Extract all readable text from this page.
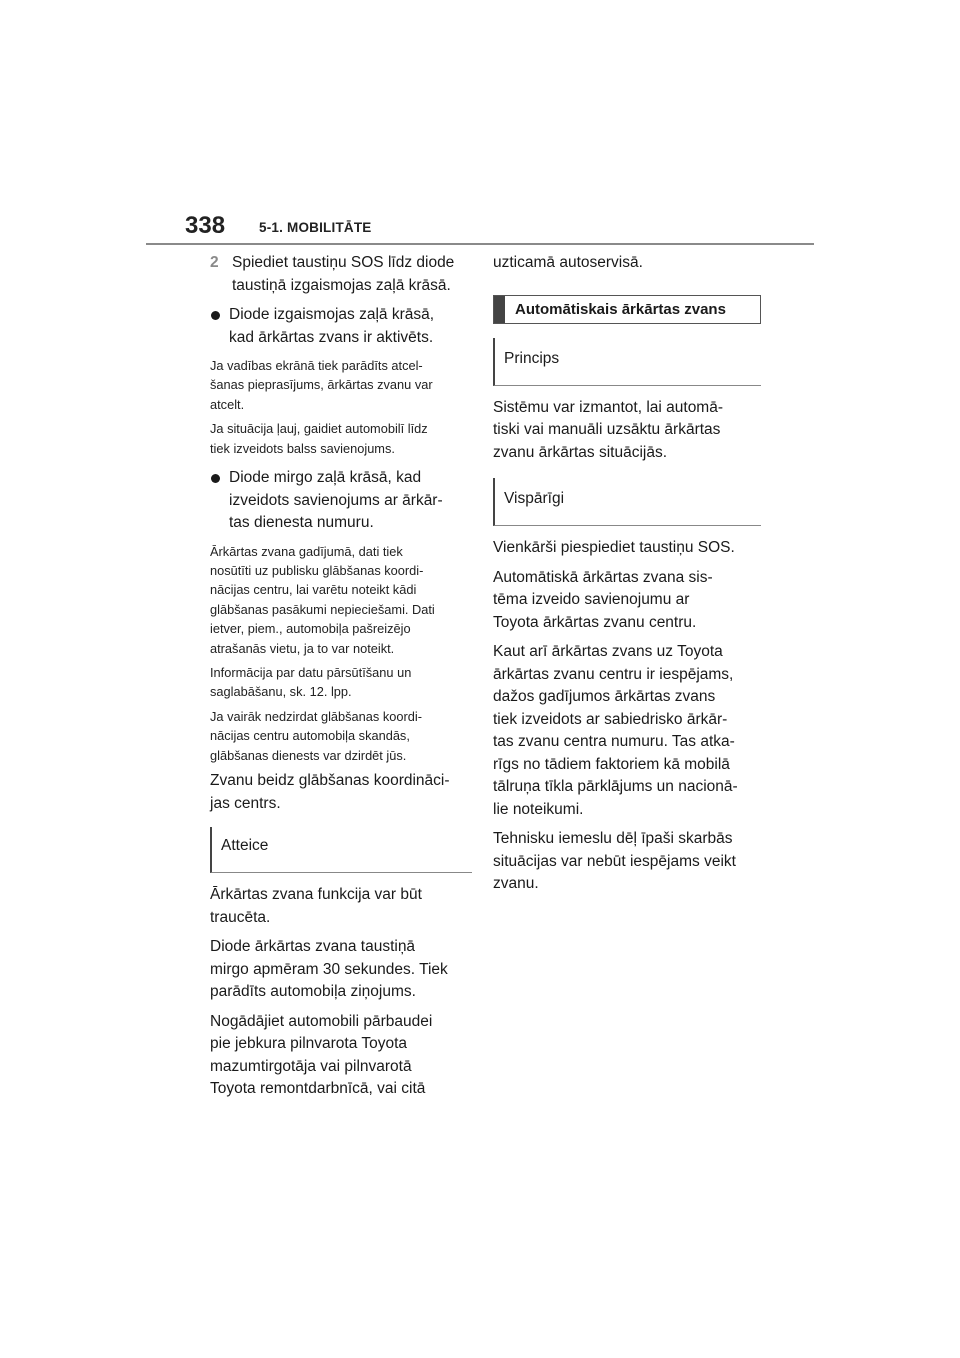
338	5-1. MOBILITĀTE
2 Spiediet taustiņu SOS līdz diode
taustiņā izgaismojas zaļā krāsā.
Diode izgaismojas zaļā krāsā,
kad ārkārtas zvans ir aktivēts.

Ja vadības ekrānā tiek parādīts atcel-
šanas pieprasījums, ārkārtas zvanu var
atcelt.

Ja situācija ļauj, gaidiet automobilī līdz
tiek izveidots balss savienojums.

Diode mirgo zaļā krāsā, kad
izveidots savienojums ar ārkār-
tas dienesta numuru.

Ārkārtas zvana gadījumā, dati tiek
nosūtīti uz publisku glābšanas koordi-
nācijas centru, lai varētu noteikt kādi
glābšanas pasākumi nepieciešami. Dati
ietver, piem., automobiļa pašreizējo
atrašanās vietu, ja to var noteikt.

Informācija par datu pārsūtīšanu un
saglabāšanu, sk. 12. lpp.

Ja vairāk nedzirdat glābšanas koordi-
nācijas centru automobiļa skandās,
glābšanas dienests var dzirdēt jūs.

Zvanu beidz glābšanas koordināci-
jas centrs.

Atteice

Ārkārtas zvana funkcija var būt
traucēta.

Diode ārkārtas zvana taustiņā
mirgo apmēram 30 sekundes. Tiek
parādīts automobiļa ziņojums.

Nogādājiet automobili pārbaudei
pie jebkura pilnvarota Toyota
mazumtirgotāja vai pilnvarotā
Toyota remontdarbnīcā, vai citā

uzticamā autoservisā.

Automātiskais ārkārtas zvans
Princips

Sistēmu var izmantot, lai automā-
tiski vai manuāli uzsāktu ārkārtas
zvanu ārkārtas situācijās.

Vispārīgi

Vienkārši piespiediet taustiņu SOS.

Automātiskā ārkārtas zvana sis-
tēma izveido savienojumu ar
Toyota ārkārtas zvanu centru.

Kaut arī ārkārtas zvans uz Toyota
ārkārtas zvanu centru ir iespējams,
dažos gadījumos ārkārtas zvans
tiek izveidots ar sabiedrisko ārkār-
tas zvanu centra numuru. Tas atka-
rīgs no tādiem faktoriem kā mobilā
tālruņa tīkla pārklājums un nacionā-
lie noteikumi.

Tehnisku iemeslu dēļ īpaši skarbās
situācijas var nebūt iespējams veikt
zvanu.
